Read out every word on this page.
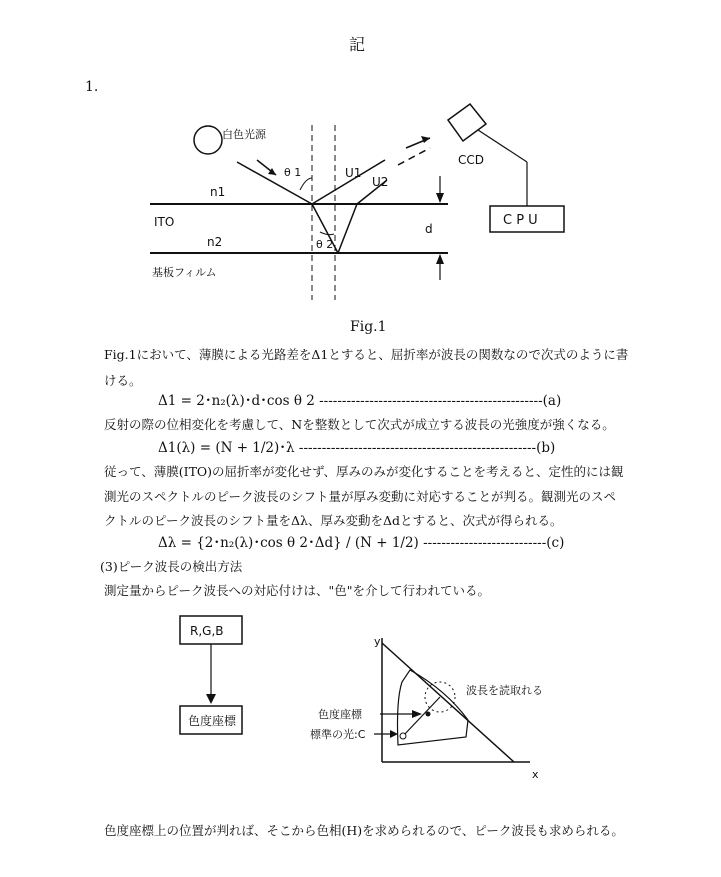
記
1.
白色光源
n1
ITO
n2
基板フィルム
θ 1
θ 2
U1
U2
d
CCD
C P U
R,G,B
色度座標
y
x
波長を読取れる
色度座標
標準の光:C
Fig.1
Fig.1において、薄膜による光路差をΔ1とすると、屈折率が波長の関数なので次式のように書
ける。
Δ1 = 2･n₂(λ)･d･cos θ 2 -------------------------------------------------(a)
反射の際の位相変化を考慮して、Nを整数として次式が成立する波長の光強度が強くなる。
Δ1(λ) = (N + 1/2)･λ ----------------------------------------------------(b)
従って、薄膜(ITO)の屈折率が変化せず、厚みのみが変化することを考えると、定性的には観
測光のスペクトルのピーク波長のシフト量が厚み変動に対応することが判る。観測光のスペ
クトルのピーク波長のシフト量をΔλ、厚み変動をΔdとすると、次式が得られる。
Δλ = {2･n₂(λ)･cos θ 2･Δd} / (N + 1/2) ---------------------------(c)
(3)ピーク波長の検出方法
測定量からピーク波長への対応付けは、"色"を介して行われている。
色度座標上の位置が判れば、そこから色相(H)を求められるので、ピーク波長も求められる。
